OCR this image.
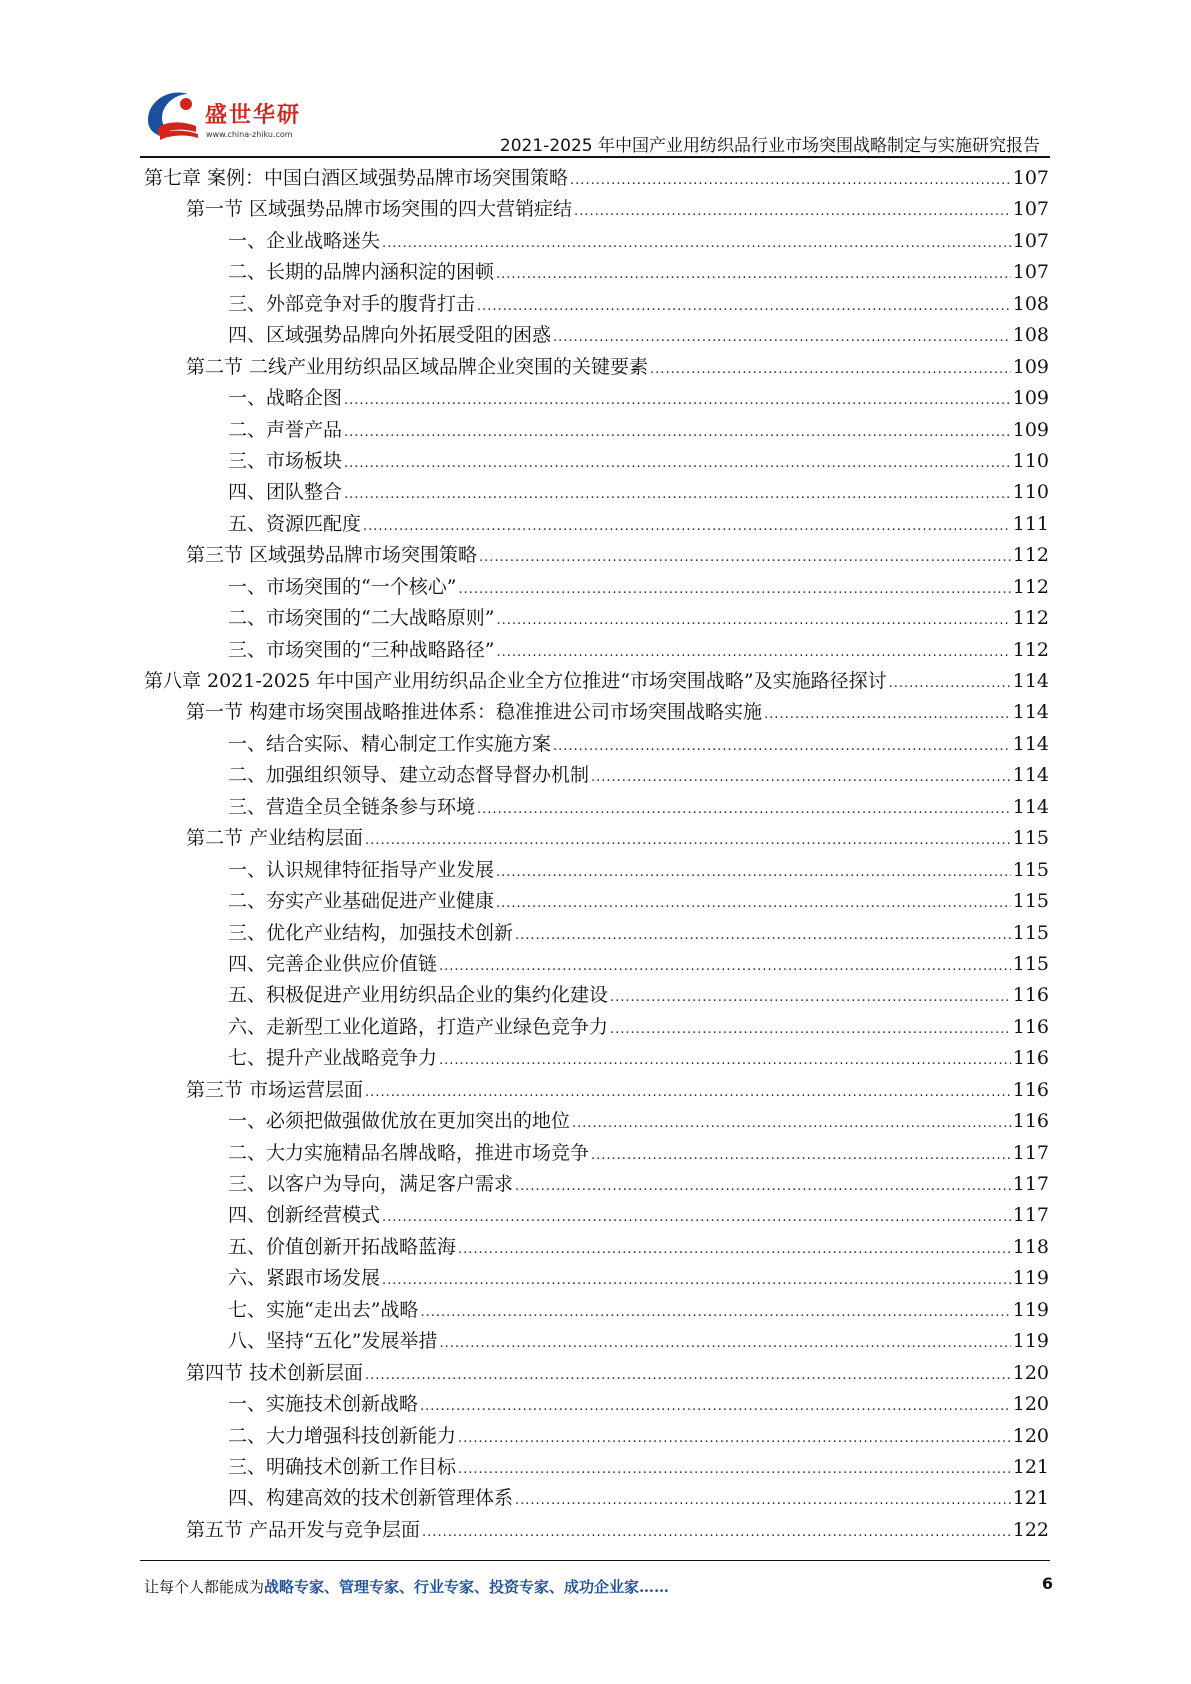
盛世华研
www.china-zhiku.com
2021-2025 年中国产业用纺织品行业市场突围战略制定与实施研究报告
第七章 案例：中国白酒区域强势品牌市场突围策略 .....	107
第一节 区域强势品牌市场突围的四大营销症结 .....	107
一、企业战略迷失 .....	107
二、长期的品牌内涵积淀的困顿 .....	107
三、外部竞争对手的腹背打击 .....	108
四、区域强势品牌向外拓展受阻的困惑 .....	108
第二节 二线产业用纺织品区域品牌企业突围的关键要素 .....	109
一、战略企图 .....	109
二、声誉产品 .....	109
三、市场板块 .....	110
四、团队整合 .....	110
五、资源匹配度 .....	111
第三节 区域强势品牌市场突围策略 .....	112
一、市场突围的“一个核心” .....	112
二、市场突围的“二大战略原则” .....	112
三、市场突围的“三种战略路径” .....	112
第八章 2021-2025 年中国产业用纺织品企业全方位推进“市场突围战略”及实施路径探讨 .....	114
第一节 构建市场突围战略推进体系：稳准推进公司市场突围战略实施 .....	114
一、结合实际、精心制定工作实施方案 .....	114
二、加强组织领导、建立动态督导督办机制 .....	114
三、营造全员全链条参与环境 .....	114
第二节 产业结构层面 .....	115
一、认识规律特征指导产业发展 .....	115
二、夯实产业基础促进产业健康 .....	115
三、优化产业结构，加强技术创新 .....	115
四、完善企业供应价值链 .....	115
五、积极促进产业用纺织品企业的集约化建设 .....	116
六、走新型工业化道路，打造产业绿色竞争力 .....	116
七、提升产业战略竞争力 .....	116
第三节 市场运营层面 .....	116
一、必须把做强做优放在更加突出的地位 .....	116
二、大力实施精品名牌战略，推进市场竞争 .....	117
三、以客户为导向，满足客户需求 .....	117
四、创新经营模式 .....	117
五、价值创新开拓战略蓝海 .....	118
六、紧跟市场发展 .....	119
七、实施“走出去”战略 .....	119
八、坚持“五化”发展举措 .....	119
第四节 技术创新层面 .....	120
一、实施技术创新战略 .....	120
二、大力增强科技创新能力 .....	120
三、明确技术创新工作目标 .....	121
四、构建高效的技术创新管理体系 .....	121
第五节 产品开发与竞争层面 .....	122
让每个人都能成为战略专家、管理专家、行业专家、投资专家、成功企业家……	6
